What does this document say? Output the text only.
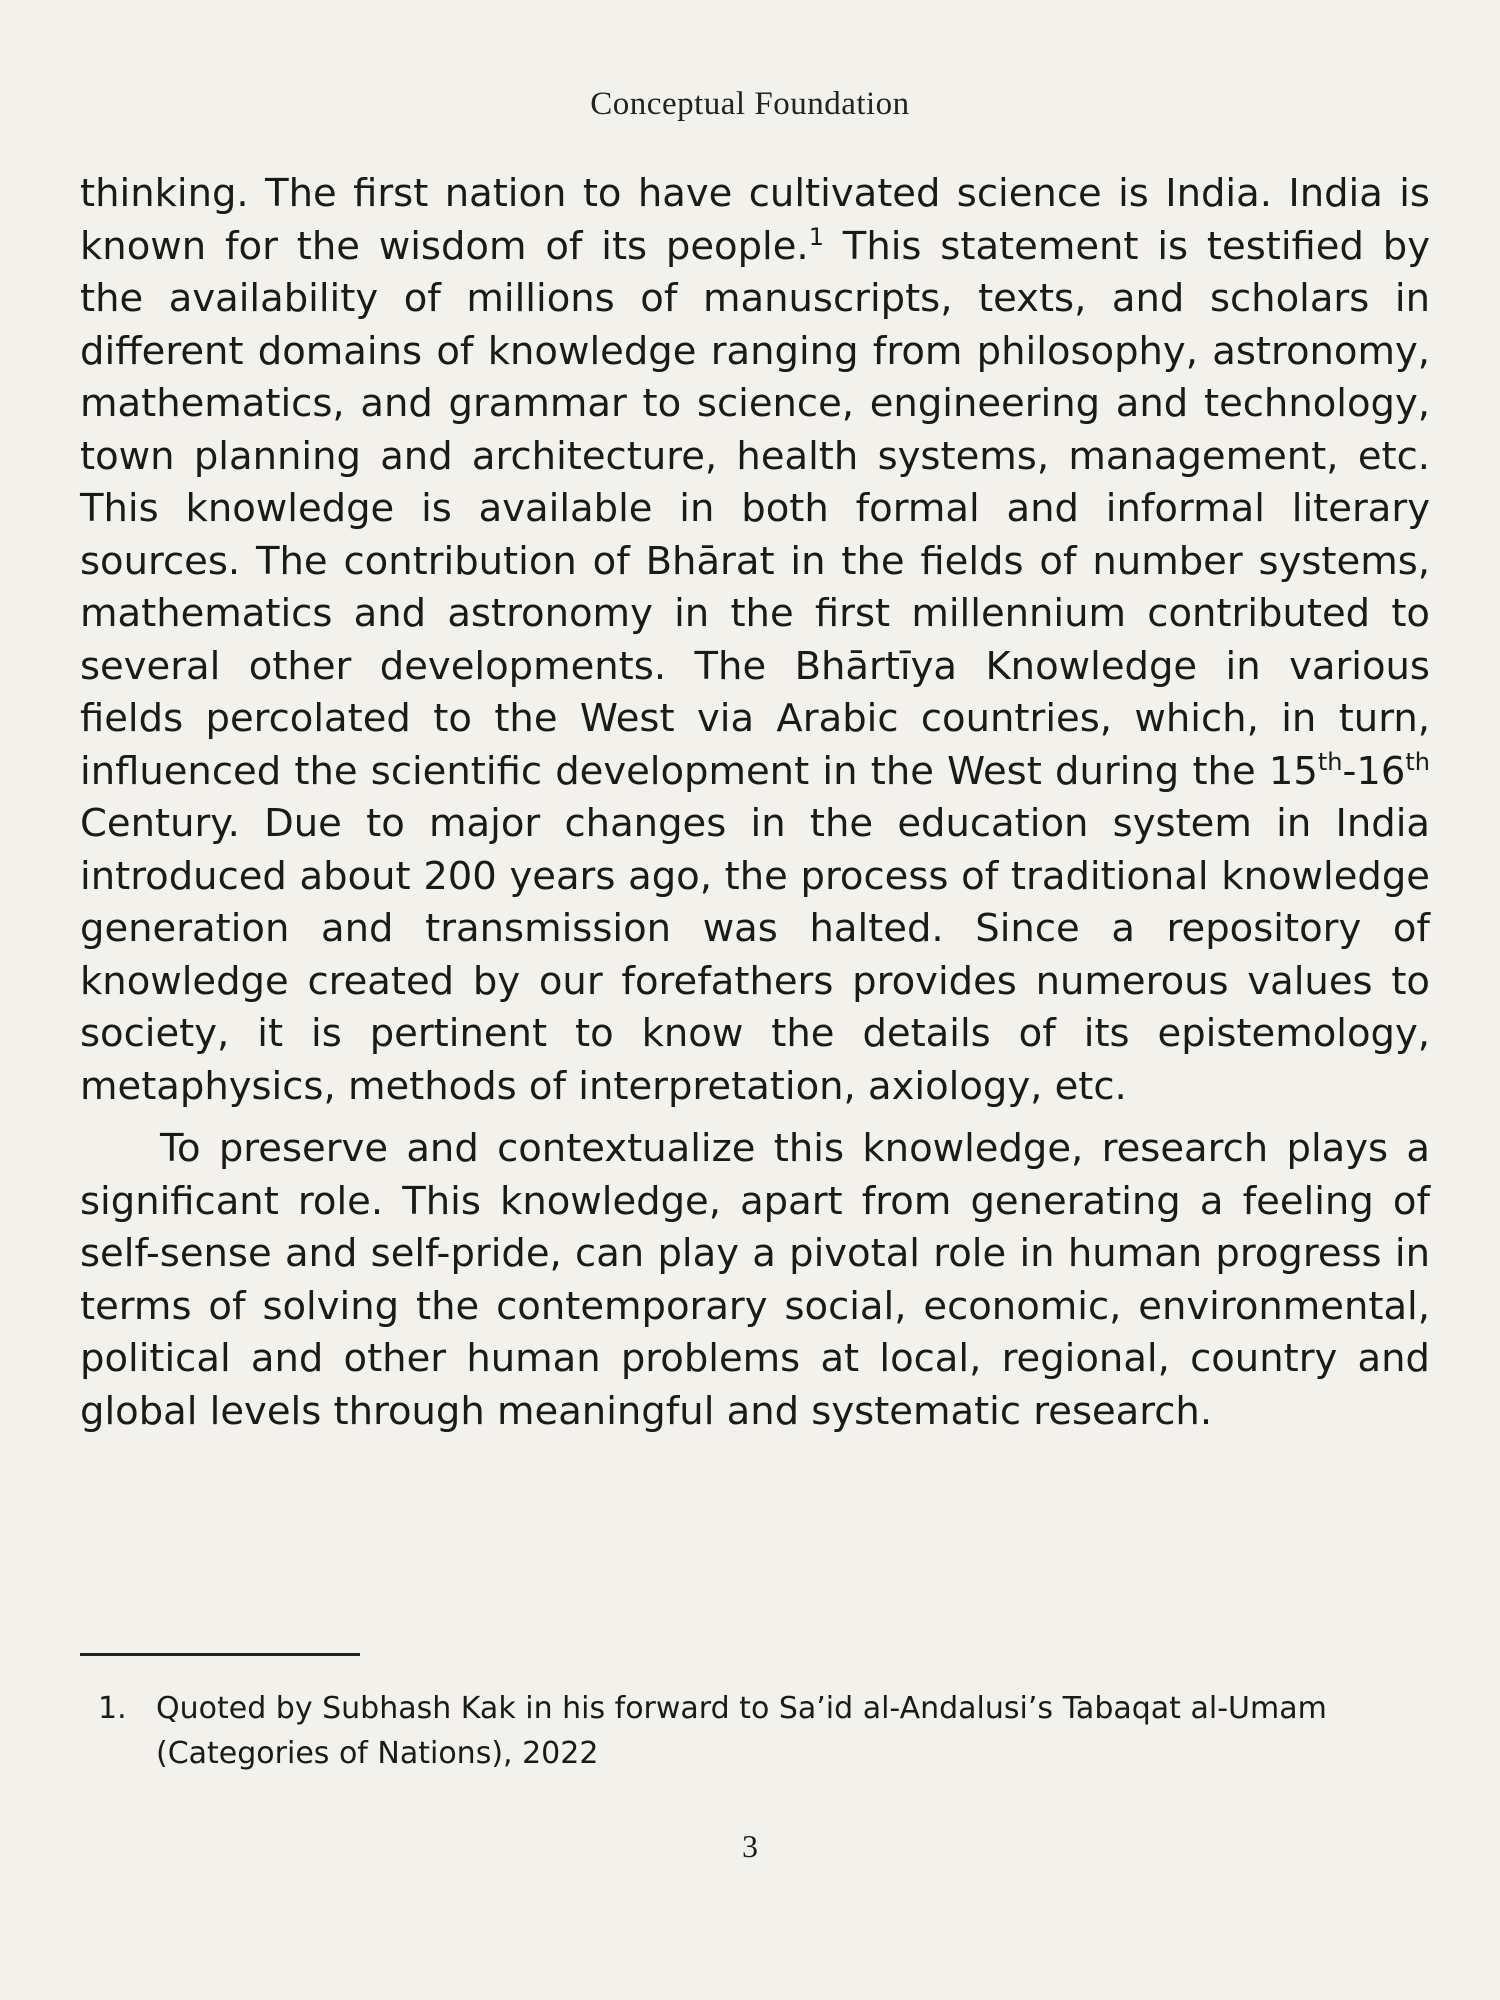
Conceptual Foundation

thinking. The first nation to have cultivated science is India. India is known for the wisdom of its people.$^1$ This statement is testified by the availability of millions of manuscripts, texts, and scholars in different domains of knowledge ranging from philosophy, astronomy, mathematics, and grammar to science, engineering and technology, town planning and architecture, health systems, management, etc. This knowledge is available in both formal and informal literary sources. The contribution of Bhārat in the fields of number systems, mathematics and astronomy in the first millennium contributed to several other developments. The Bhārtīya Knowledge in various fields percolated to the West via Arabic countries, which, in turn, influenced the scientific development in the West during the 15th-16th Century. Due to major changes in the education system in India introduced about 200 years ago, the process of traditional knowledge generation and transmission was halted. Since a repository of knowledge created by our forefathers provides numerous values to society, it is pertinent to know the details of its epistemology, metaphysics, methods of interpretation, axiology, etc.

To preserve and contextualize this knowledge, research plays a significant role. This knowledge, apart from generating a feeling of self-sense and self-pride, can play a pivotal role in human progress in terms of solving the contemporary social, economic, environmental, political and other human problems at local, regional, country and global levels through meaningful and systematic research.

1. Quoted by Subhash Kak in his forward to Sa’id al-Andalusi’s Tabaqat al-Umam (Categories of Nations), 2022
3
